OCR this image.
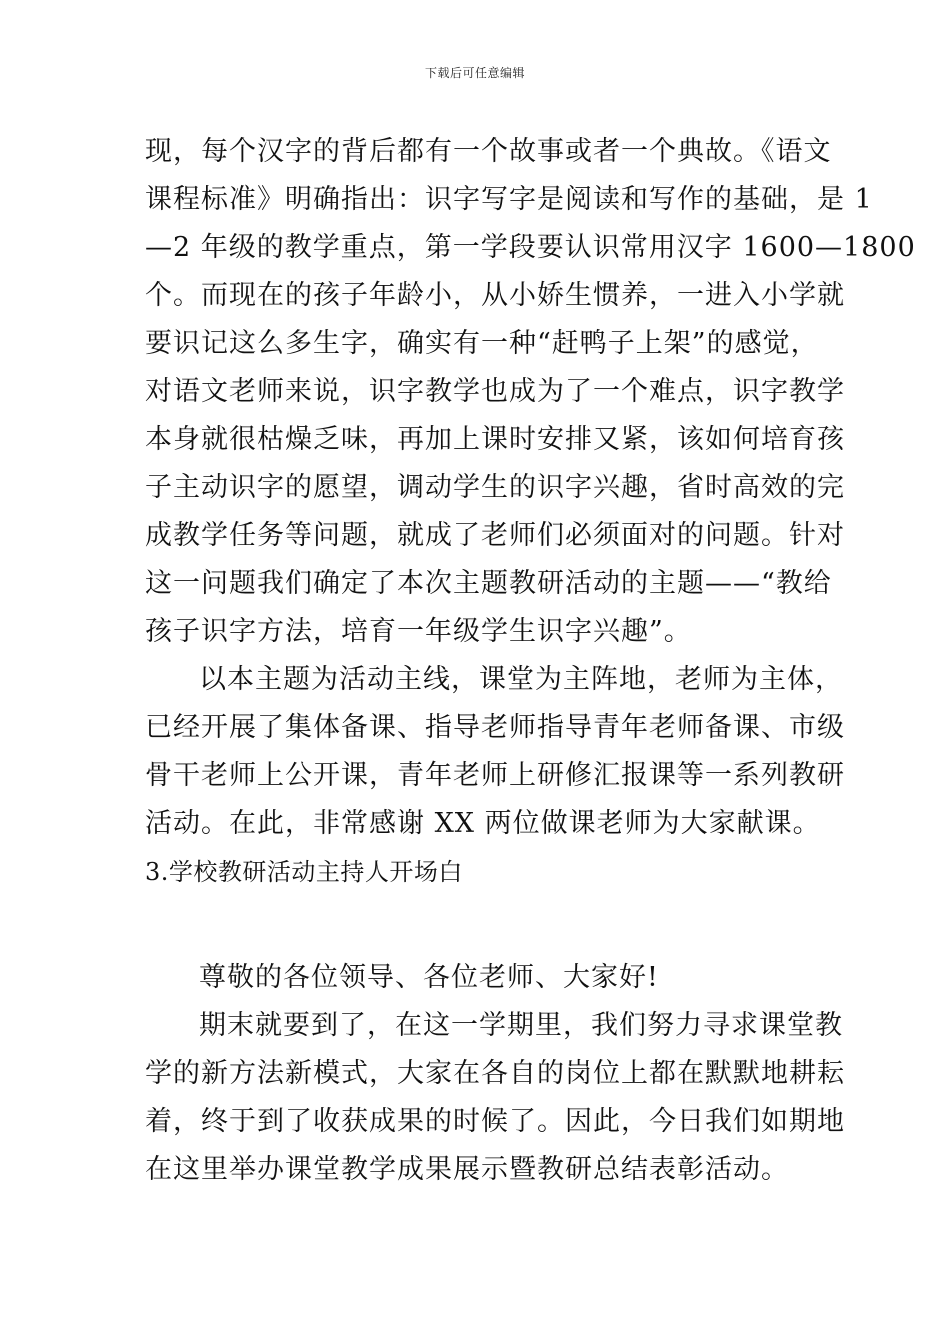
下载后可任意编辑
现，每个汉字的背后都有一个故事或者一个典故。《语文
课程标准》明确指出：识字写字是阅读和写作的基础，是 1
—2 年级的教学重点，第一学段要认识常用汉字 1600—1800
个。而现在的孩子年龄小，从小娇生惯养，一进入小学就
要识记这么多生字，确实有一种“赶鸭子上架”的感觉，
对语文老师来说，识字教学也成为了一个难点，识字教学
本身就很枯燥乏味，再加上课时安排又紧，该如何培育孩
子主动识字的愿望，调动学生的识字兴趣，省时高效的完
成教学任务等问题，就成了老师们必须面对的问题。针对
这一问题我们确定了本次主题教研活动的主题——“教给
孩子识字方法，培育一年级学生识字兴趣”。
以本主题为活动主线，课堂为主阵地，老师为主体，
已经开展了集体备课、指导老师指导青年老师备课、市级
骨干老师上公开课，青年老师上研修汇报课等一系列教研
活动。在此，非常感谢 XX 两位做课老师为大家献课。
3.学校教研活动主持人开场白
尊敬的各位领导、各位老师、大家好!
期末就要到了，在这一学期里，我们努力寻求课堂教
学的新方法新模式，大家在各自的岗位上都在默默地耕耘
着，终于到了收获成果的时候了。因此，今日我们如期地
在这里举办课堂教学成果展示暨教研总结表彰活动。
